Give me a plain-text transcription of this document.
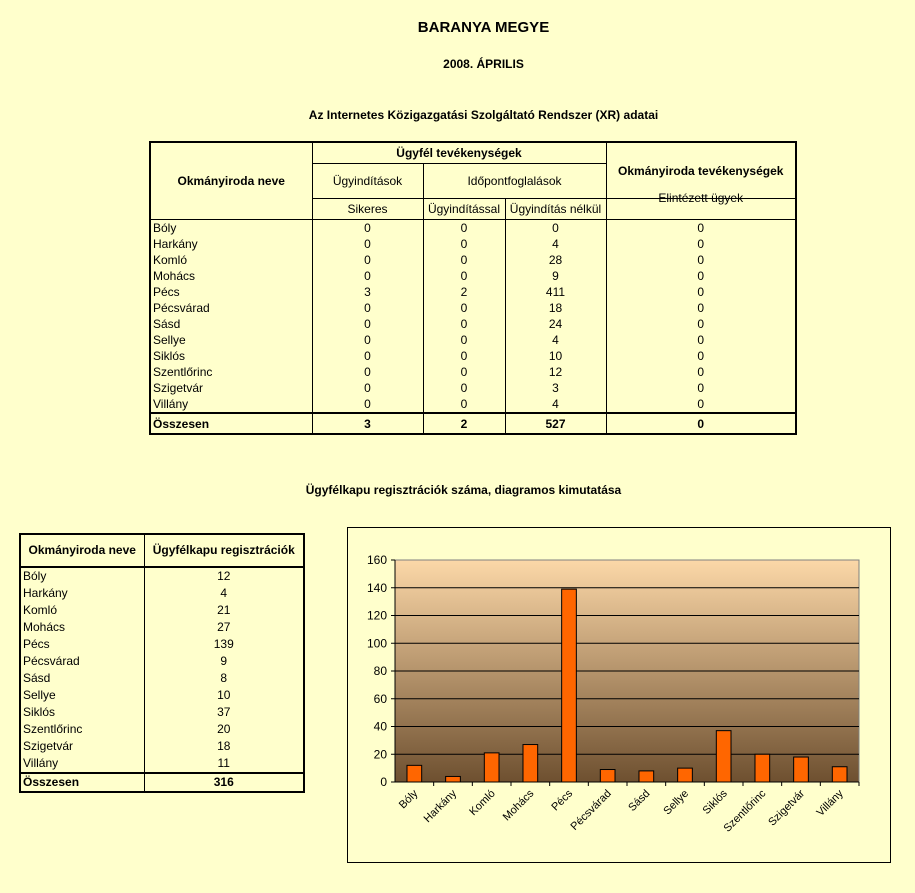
BARANYA MEGYE
2008. ÁPRILIS
Az Internetes Közigazgatási Szolgáltató Rendszer (XR) adatai
Okmányiroda neve	Ügyfél tevékenységek			Okmányiroda tevékenységek
	Ügyindítások	Időpontfoglalások		
	Sikeres	Ügyindítással	Ügyindítás nélkül	Elintézett ügyek
Bóly	0	0	0	0
Harkány	0	0	4	0
Komló	0	0	28	0
Mohács	0	0	9	0
Pécs	3	2	411	0
Pécsvárad	0	0	18	0
Sásd	0	0	24	0
Sellye	0	0	4	0
Siklós	0	0	10	0
Szentlőrinc	0	0	12	0
Szigetvár	0	0	3	0
Villány	0	0	4	0
Összesen	3	2	527	0
Ügyfélkapu regisztrációk száma, diagramos kimutatása
Okmányiroda neve	Ügyfélkapu regisztrációk
Bóly	12
Harkány	4
Komló	21
Mohács	27
Pécs	139
Pécsvárad	9
Sásd	8
Sellye	10
Siklós	37
Szentlőrinc	20
Szigetvár	18
Villány	11
Összesen	316	0
20
40
60
80
100
120
140
160
Bóly Harkány Komló Mohács Pécs
Pécsvárad Sásd Sellye Siklós
Szentlőrinc
Szigetvár Villány
